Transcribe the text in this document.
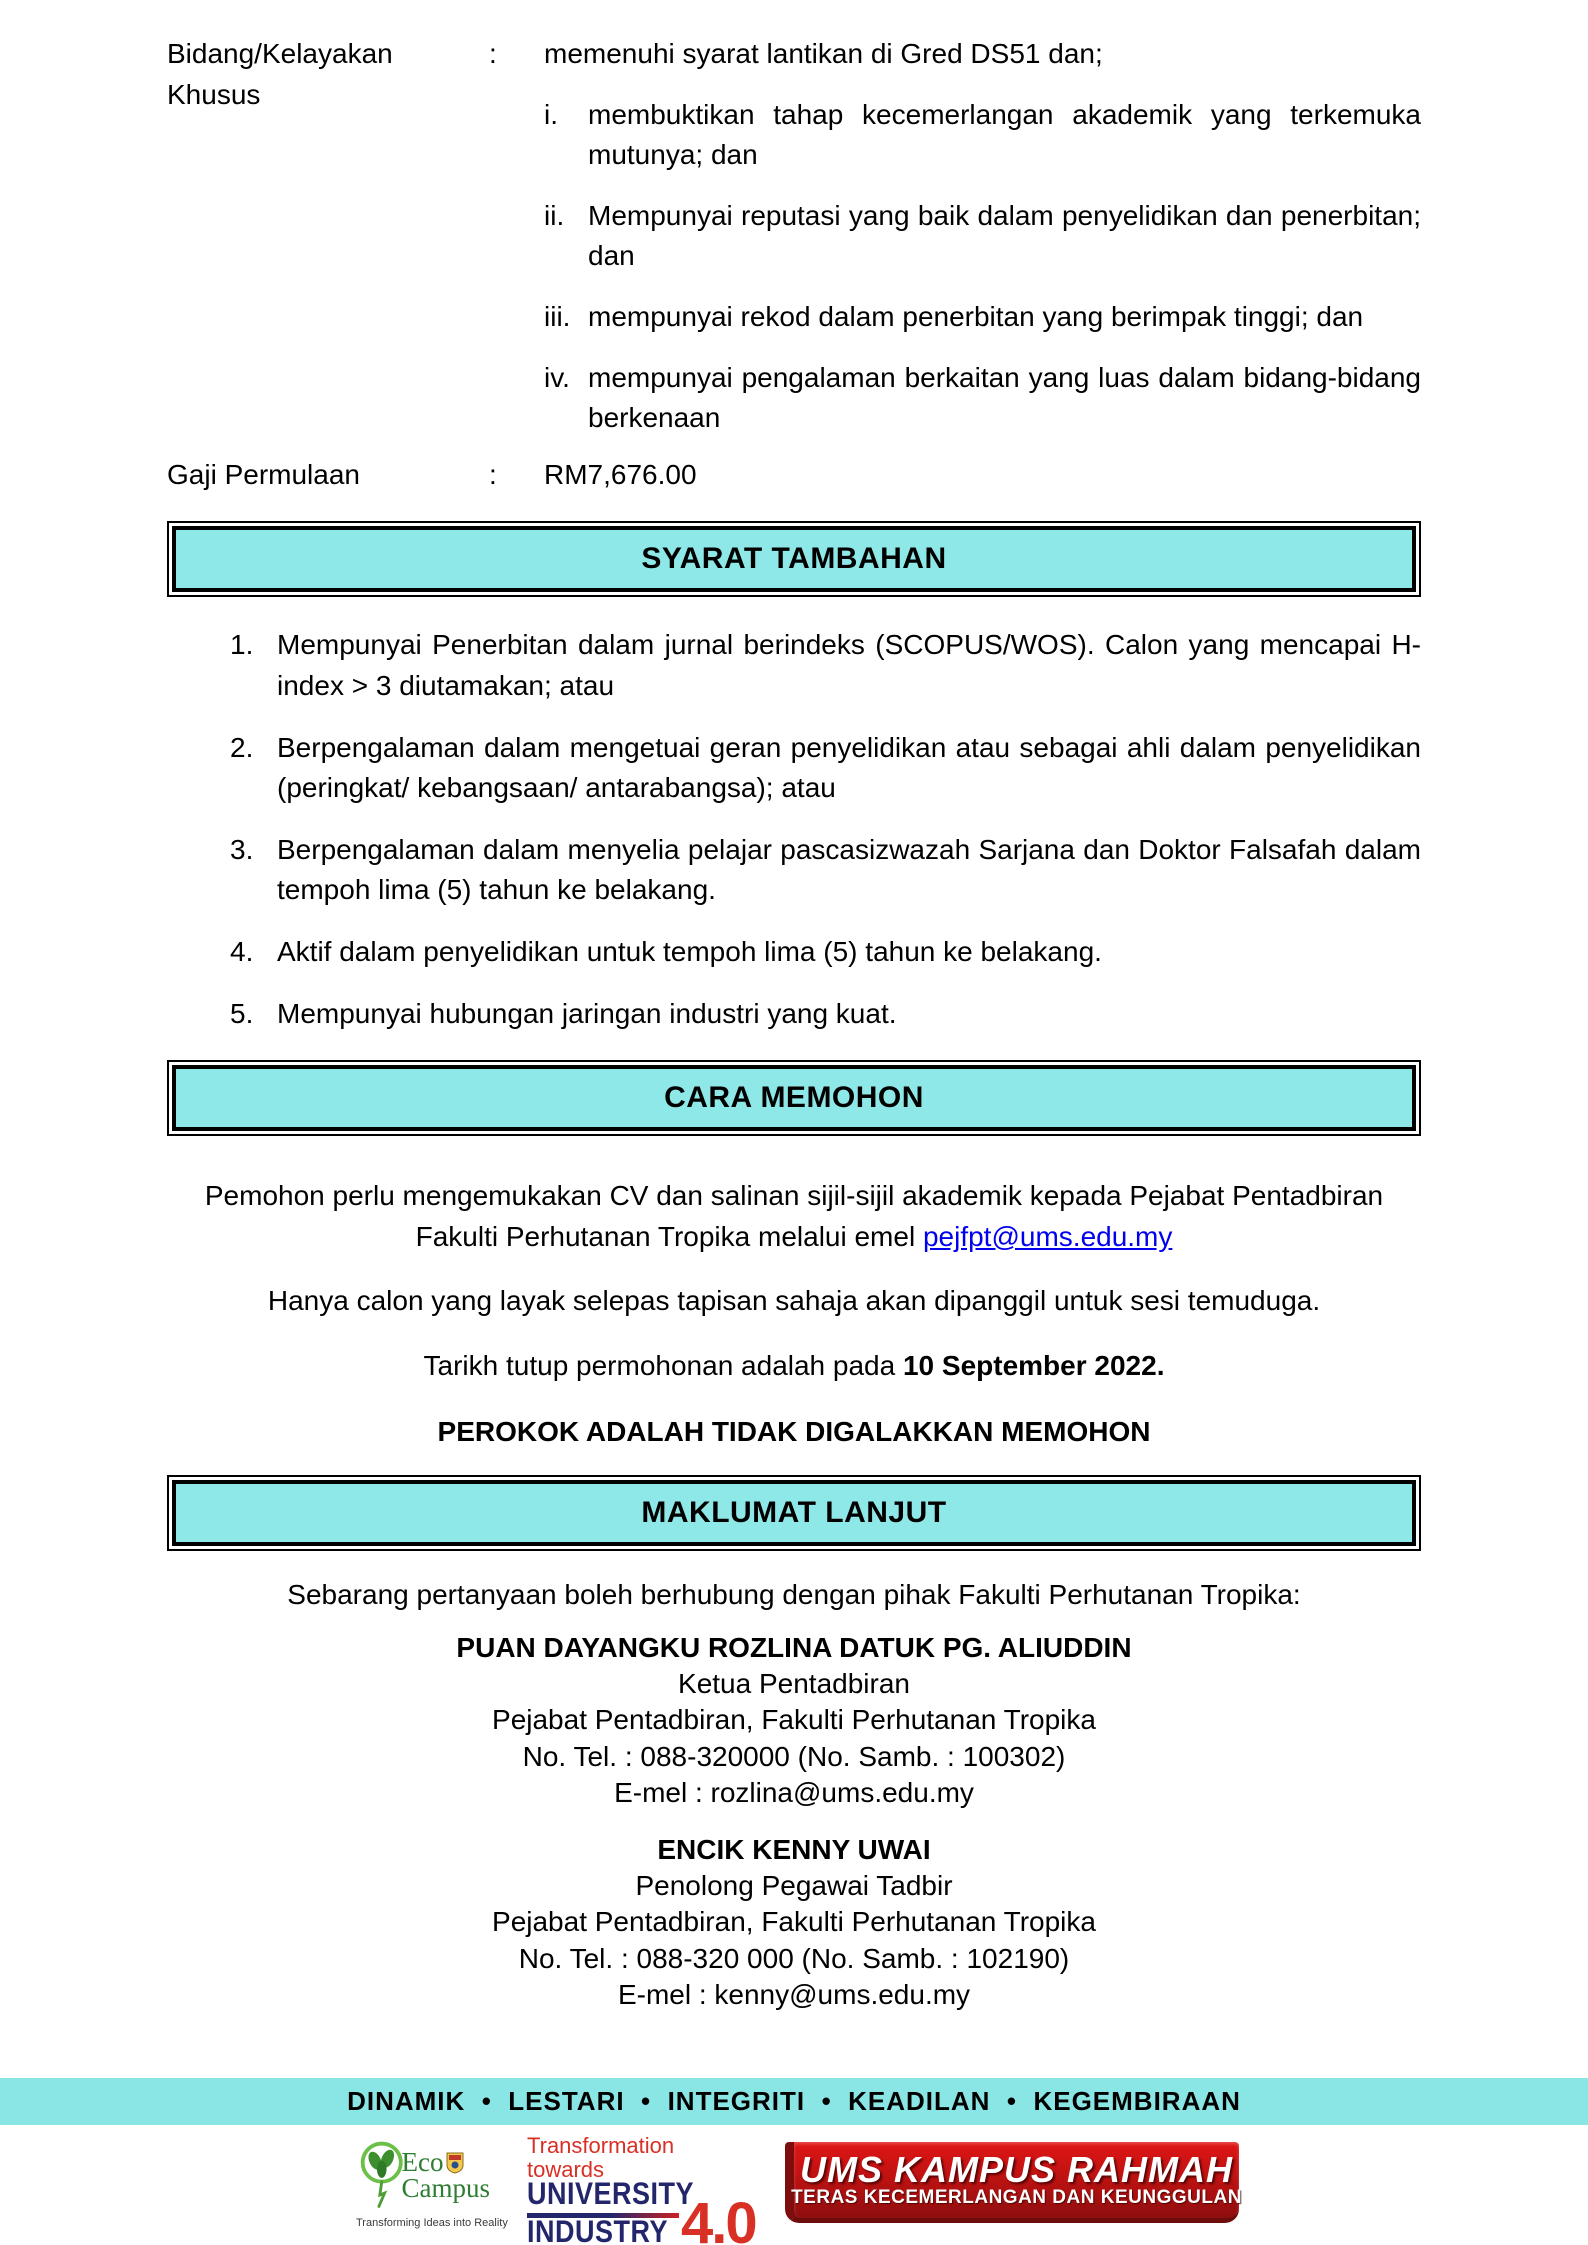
Bidang/Kelayakan Khusus
:	memenuhi syarat lantikan di Gred DS51 dan;
i.	membuktikan tahap kecemerlangan akademik yang terkemuka mutunya; dan
ii. Mempunyai reputasi yang baik dalam penyelidikan dan penerbitan; dan
iii. mempunyai rekod dalam penerbitan yang berimpak tinggi; dan
iv. mempunyai pengalaman berkaitan yang luas dalam bidang-bidang berkenaan
Gaji Permulaan	:	RM7,676.00
SYARAT TAMBAHAN
1. Mempunyai Penerbitan dalam jurnal berindeks (SCOPUS/WOS). Calon yang mencapai H-index > 3 diutamakan; atau
2. Berpengalaman dalam mengetuai geran penyelidikan atau sebagai ahli dalam penyelidikan (peringkat/ kebangsaan/ antarabangsa); atau
3. Berpengalaman dalam menyelia pelajar pascasizwazah Sarjana dan Doktor Falsafah dalam tempoh lima (5) tahun ke belakang.
4. Aktif dalam penyelidikan untuk tempoh lima (5) tahun ke belakang.
5. Mempunyai hubungan jaringan industri yang kuat.
CARA MEMOHON

Pemohon perlu mengemukakan CV dan salinan sijil-sijil akademik kepada Pejabat Pentadbiran Fakulti Perhutanan Tropika melalui emel pejfpt@ums.edu.my

Hanya calon yang layak selepas tapisan sahaja akan dipanggil untuk sesi temuduga.

Tarikh tutup permohonan adalah pada 10 September 2022.

PEROKOK ADALAH TIDAK DIGALAKKAN MEMOHON

MAKLUMAT LANJUT

Sebarang pertanyaan boleh berhubung dengan pihak Fakulti Perhutanan Tropika:

PUAN DAYANGKU ROZLINA DATUK PG. ALIUDDIN
Ketua Pentadbiran
Pejabat Pentadbiran, Fakulti Perhutanan Tropika
No. Tel. : 088-320000 (No. Samb. : 100302)
E-mel : rozlina@ums.edu.my
ENCIK KENNY UWAI
Penolong Pegawai Tadbir
Pejabat Pentadbiran, Fakulti Perhutanan Tropika
No. Tel. : 088-320 000 (No. Samb. : 102190)
E-mel : kenny@ums.edu.my
DINAMIK  •  LESTARI  •  INTEGRITI  •  KEADILAN  •  KEGEMBIRAAN
Eco
Campus
Transforming Ideas into Reality
Transformation towards
UNIVERSITY
INDUSTRY 4.0
UMS KAMPUS RAHMAH
TERAS KECEMERLANGAN DAN KEUNGGULAN
